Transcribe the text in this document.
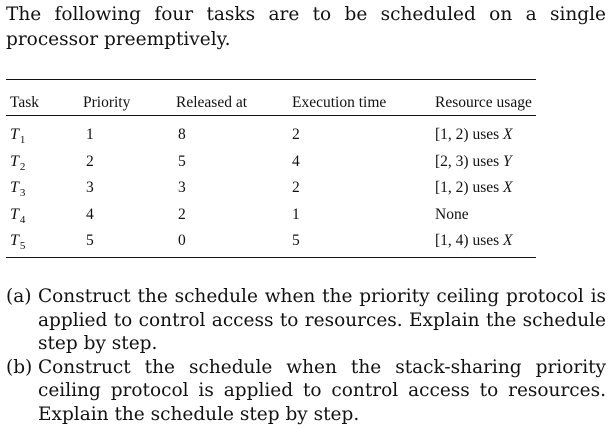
The following four tasks are to be scheduled on a single processor preemptively.

Task	Priority	Released at	Execution time	Resource usage
$T_1$	1	8	2	[1, 2) uses X
$T_2$	2	5	4	[2, 3) uses Y
$T_3$	3	3	2	[1, 2) uses X
$T_4$	4	2	1	None
$T_5$	5	0	5	[1, 4) uses X

(a) Construct the schedule when the priority ceiling protocol is applied to control access to resources. Explain the schedule step by step.

(b) Construct the schedule when the stack-sharing priority ceiling protocol is applied to control access to resources. Explain the schedule step by step.
